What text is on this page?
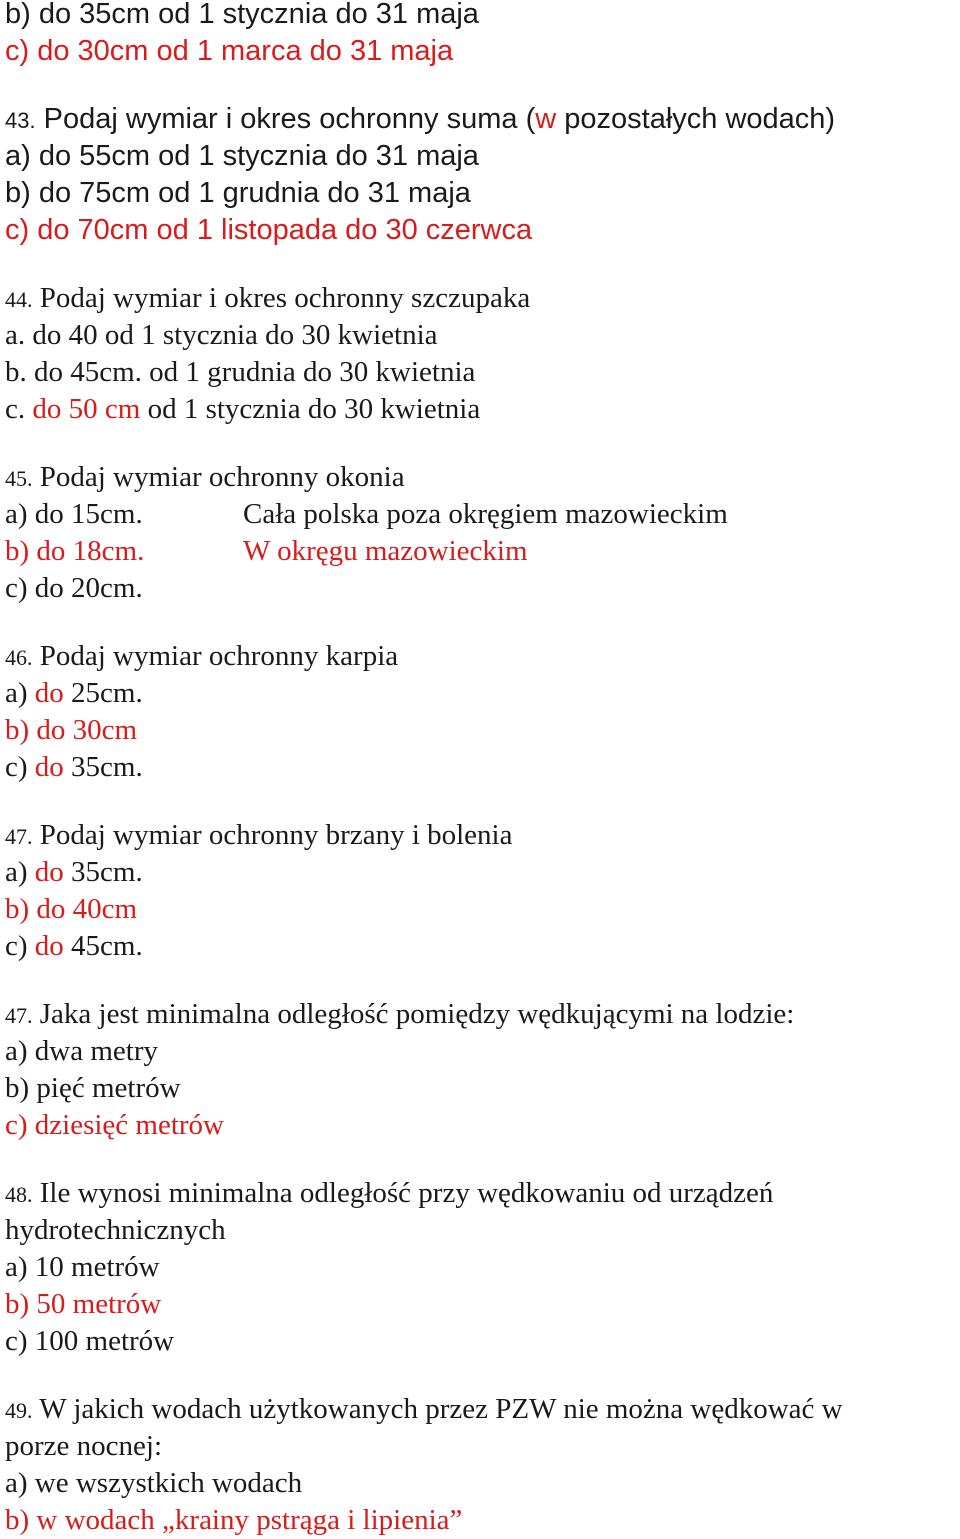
b) do 35cm od 1 stycznia do 31 maja

c) do 30cm od 1 marca do 31 maja

43. Podaj wymiar i okres ochronny suma (w pozostałych wodach)

a) do 55cm od 1 stycznia do 31 maja

b) do 75cm od 1 grudnia do 31 maja

c) do 70cm od 1 listopada do 30 czerwca

44. Podaj wymiar i okres ochronny szczupaka

a. do 40 od 1 stycznia do 30 kwietnia

b. do 45cm. od 1 grudnia do 30 kwietnia

c. do 50 cm od 1 stycznia do 30 kwietnia

45. Podaj wymiar ochronny okonia

a) do 15cm.	Cała polska poza okręgiem mazowieckim

b) do 18cm.	W okręgu mazowieckim

c) do 20cm.

46. Podaj wymiar ochronny karpia

a) do 25cm.

b) do 30cm

c) do 35cm.

47. Podaj wymiar ochronny brzany i bolenia

a) do 35cm.

b) do 40cm

c) do 45cm.

47. Jaka jest minimalna odległość pomiędzy wędkującymi na lodzie:

a) dwa metry

b) pięć metrów

c) dziesięć metrów

48. Ile wynosi minimalna odległość przy wędkowaniu od urządzeń

hydrotechnicznych

a) 10 metrów

b) 50 metrów

c) 100 metrów

49. W jakich wodach użytkowanych przez PZW nie można wędkować w

porze nocnej:

a) we wszystkich wodach

b) w wodach „krainy pstrąga i lipienia”
